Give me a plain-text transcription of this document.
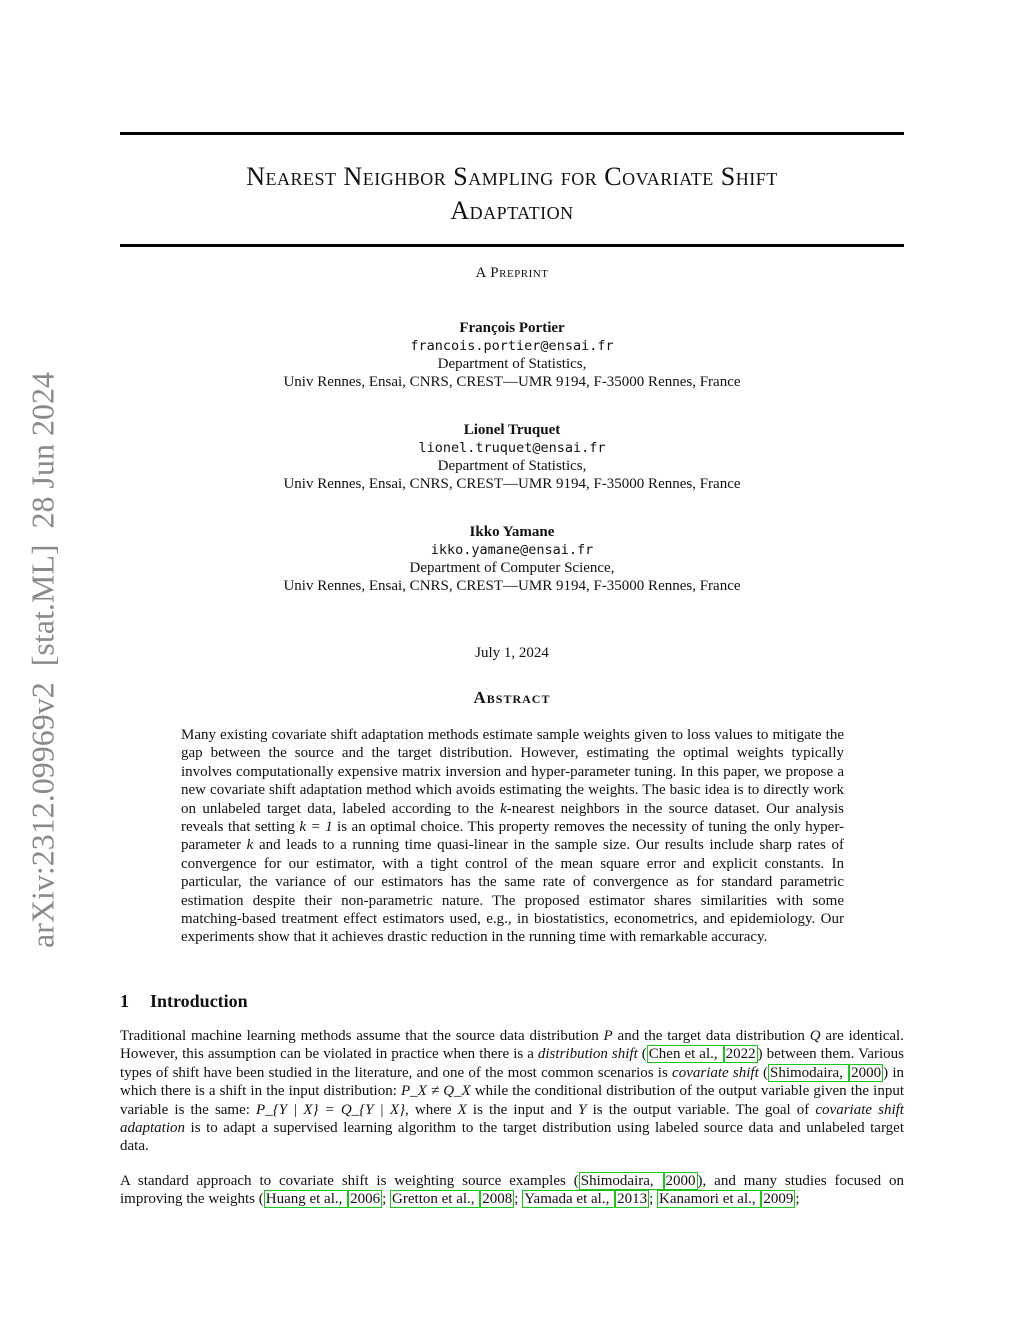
arXiv:2312.09969v2  [stat.ML]  28 Jun 2024
Nearest Neighbor Sampling for Covariate Shift
Adaptation
A Preprint
François Portier
francois.portier@ensai.fr
Department of Statistics,
Univ Rennes, Ensai, CNRS, CREST—UMR 9194, F-35000 Rennes, France
Lionel Truquet
lionel.truquet@ensai.fr
Department of Statistics,
Univ Rennes, Ensai, CNRS, CREST—UMR 9194, F-35000 Rennes, France
Ikko Yamane
ikko.yamane@ensai.fr
Department of Computer Science,
Univ Rennes, Ensai, CNRS, CREST—UMR 9194, F-35000 Rennes, France
July 1, 2024
Abstract
Many existing covariate shift adaptation methods estimate sample weights given to loss values to mitigate the gap between the source and the target distribution. However, estimating the optimal weights typically involves computationally expensive matrix inversion and hyper-parameter tuning. In this paper, we propose a new covariate shift adaptation method which avoids estimating the weights. The basic idea is to directly work on unlabeled target data, labeled according to the k-nearest neighbors in the source dataset. Our analysis reveals that setting k = 1 is an optimal choice. This property removes the necessity of tuning the only hyper-parameter k and leads to a running time quasi-linear in the sample size. Our results include sharp rates of convergence for our estimator, with a tight control of the mean square error and explicit constants. In particular, the variance of our estimators has the same rate of convergence as for standard parametric estimation despite their non-parametric nature. The proposed estimator shares similarities with some matching-based treatment effect estimators used, e.g., in biostatistics, econometrics, and epidemiology. Our experiments show that it achieves drastic reduction in the running time with remarkable accuracy.
1 Introduction
Traditional machine learning methods assume that the source data distribution P and the target data distribution Q are identical. However, this assumption can be violated in practice when there is a distribution shift ( Chen et al., 2022 ) between them. Various types of shift have been studied in the literature, and one of the most common scenarios is covariate shift ( Shimodaira, 2000 ) in which there is a shift in the input distribution: P_X ≠ Q_X while the conditional distribution of the output variable given the input variable is the same: P_{Y | X} = Q_{Y | X}, where X is the input and Y is the output variable. The goal of covariate shift adaptation is to adapt a supervised learning algorithm to the target distribution using labeled source data and unlabeled target data.
A standard approach to covariate shift is weighting source examples ( Shimodaira, 2000 ), and many studies focused on improving the weights ( Huang et al., 2006 ; Gretton et al., 2008 ; Yamada et al., 2013 ; Kanamori et al., 2009 ;
